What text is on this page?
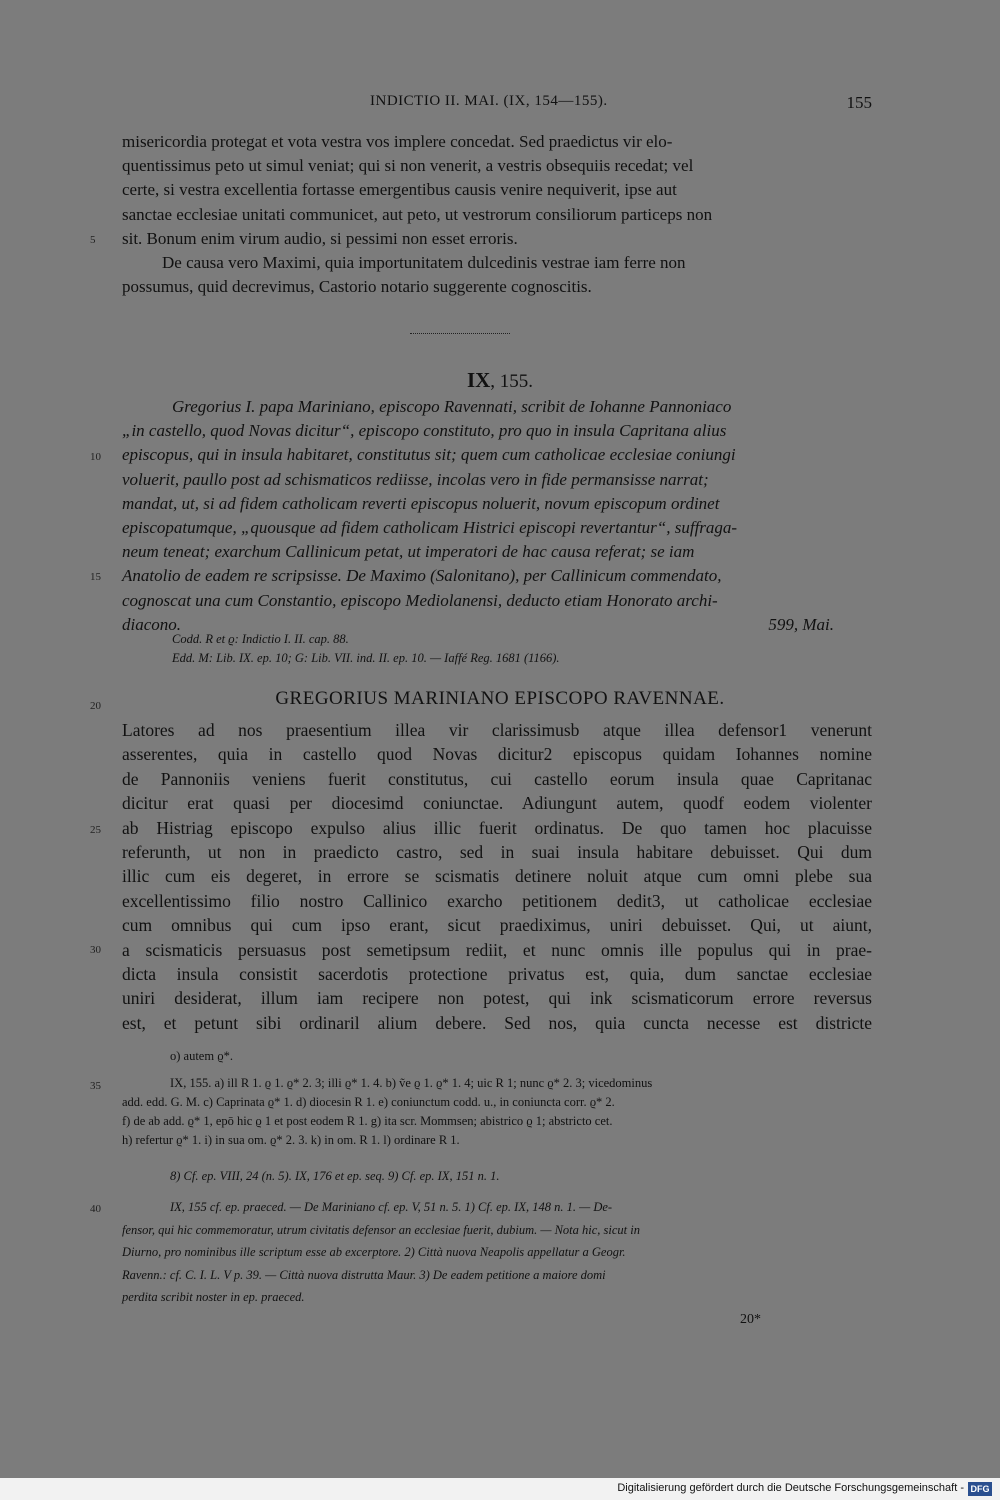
INDICTIO II. MAI. (IX, 154—155).	155

misericordia protegat et vota vestra vos implere concedat. Sed praedictus vir elo-

quentissimus peto ut simul veniat; qui si non venerit, a vestris obsequiis recedat; vel

certe, si vestra excellentia fortasse emergentibus causis venire nequiverit, ipse aut

sanctae ecclesiae unitati communicet, aut peto, ut vestrorum consiliorum particeps non

sit. Bonum enim virum audio, si pessimi non esset erroris.

De causa vero Maximi, quia importunitatem dulcedinis vestrae iam ferre non

possumus, quid decrevimus, Castorio notario suggerente cognoscitis.

5
10
15
20
25
30
35
40
IX, 155.
Gregorius I. papa Mariniano, episcopo Ravennati, scribit de Iohanne Pannoniaco
„in castello, quod Novas dicitur“, episcopo constituto, pro quo in insula Capritana alius
episcopus, qui in insula habitaret, constitutus sit; quem cum catholicae ecclesiae coniungi
voluerit, paullo post ad schismaticos rediisse, incolas vero in fide permansisse narrat;
mandat, ut, si ad fidem catholicam reverti episcopus noluerit, novum episcopum ordinet
episcopatumque, „quousque ad fidem catholicam Histrici episcopi revertantur“, suffraga-
neum teneat; exarchum Callinicum petat, ut imperatori de hac causa referat; se iam
Anatolio de eadem re scripsisse. De Maximo (Salonitano), per Callinicum commendato,
cognoscat una cum Constantio, episcopo Mediolanensi, deducto etiam Honorato archi-
diacono.	599, Mai.
Codd. R et ϱ: Indictio I. II. cap. 88.
Edd. M: Lib. IX. ep. 10; G: Lib. VII. ind. II. ep. 10. — Iaffé Reg. 1681 (1166).
GREGORIUS MARINIANO EPISCOPO RAVENNAE.
Latores ad nos praesentium illea vir clarissimusb atque illea defensor1 venerunt
asserentes, quia in castello quod Novas dicitur2 episcopus quidam Iohannes nomine
de Pannoniis veniens fuerit constitutus, cui castello eorum insula quae Capritanac
dicitur erat quasi per diocesimd coniunctae. Adiungunt autem, quodf eodem violenter
ab Histriag episcopo expulso alius illic fuerit ordinatus. De quo tamen hoc placuisse
referunth, ut non in praedicto castro, sed in suai insula habitare debuisset. Qui dum
illic cum eis degeret, in errore se scismatis detinere noluit atque cum omni plebe sua
excellentissimo filio nostro Callinico exarcho petitionem dedit3, ut catholicae ecclesiae
cum omnibus qui cum ipso erant, sicut praediximus, uniri debuisset. Qui, ut aiunt,
a scismaticis persuasus post semetipsum rediit, et nunc omnis ille populus qui in prae-
dicta insula consistit sacerdotis protectione privatus est, quia, dum sanctae ecclesiae
uniri desiderat, illum iam recipere non potest, qui ink scismaticorum errore reversus
est, et petunt sibi ordinaril alium debere. Sed nos, quia cuncta necesse est districte
o) autem ϱ*.
IX, 155. a) ill R 1. ϱ 1. ϱ* 2. 3; illi ϱ* 1. 4. b) ṽe ϱ 1. ϱ* 1. 4; uic R 1; nunc ϱ* 2. 3; vicedominus
add. edd. G. M. c) Caprinata ϱ* 1. d) diocesin R 1. e) coniunctum codd. u., in coniuncta corr. ϱ* 2.
f) de ab add. ϱ* 1, epō hic ϱ 1 et post eodem R 1. g) ita scr. Mommsen; abistrico ϱ 1; abstricto cet.
h) refertur ϱ* 1. i) in sua om. ϱ* 2. 3. k) in om. R 1. l) ordinare R 1.
8) Cf. ep. VIII, 24 (n. 5). IX, 176 et ep. seq. 9) Cf. ep. IX, 151 n. 1.
IX, 155 cf. ep. praeced. — De Mariniano cf. ep. V, 51 n. 5. 1) Cf. ep. IX, 148 n. 1. — De-
fensor, qui hic commemoratur, utrum civitatis defensor an ecclesiae fuerit, dubium. — Nota hic, sicut in
Diurno, pro nominibus ille scriptum esse ab excerptore. 2) Città nuova Neapolis appellatur a Geogr.
Ravenn.: cf. C. I. L. V p. 39. — Città nuova distrutta Maur. 3) De eadem petitione a maiore domi
perdita scribit noster in ep. praeced.
20*
Digitalisierung gefördert durch die Deutsche Forschungsgemeinschaft - DFG
